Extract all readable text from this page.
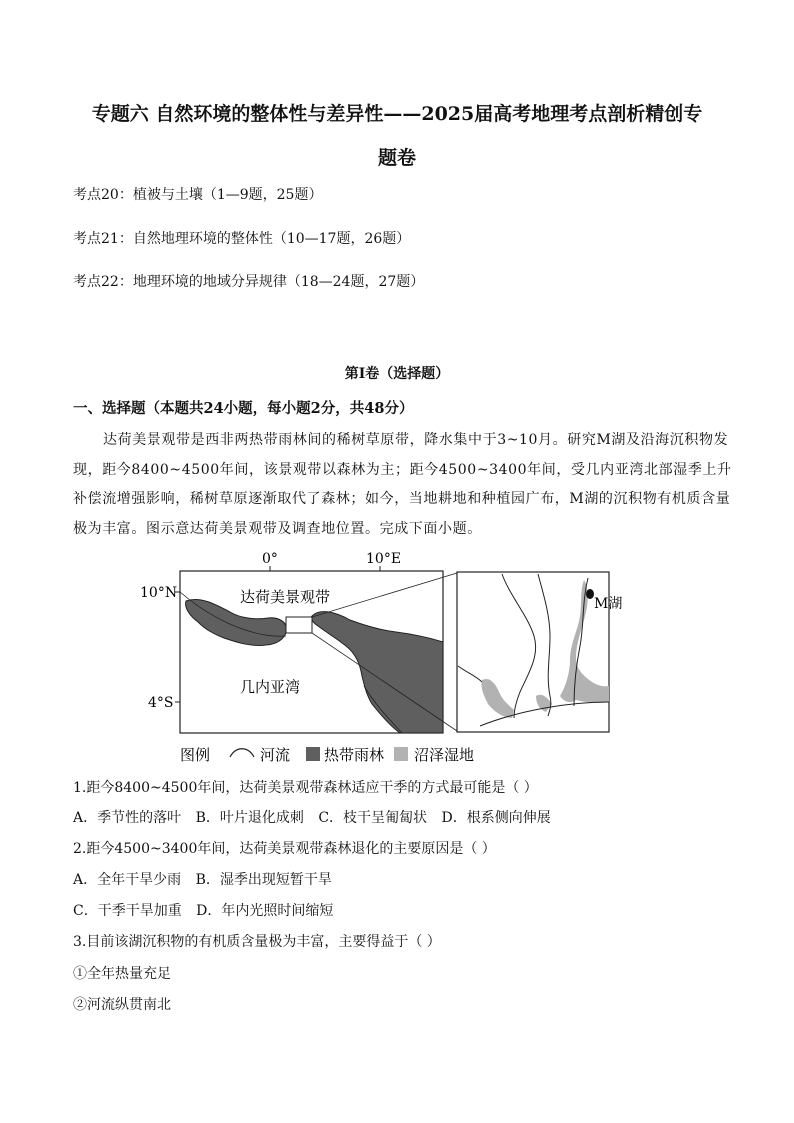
专题六 自然环境的整体性与差异性——2025届高考地理考点剖析精创专
题卷
考点20：植被与土壤（1—9题，25题）
考点21：自然地理环境的整体性（10—17题，26题）
考点22：地理环境的地域分异规律（18—24题，27题）
第I卷（选择题）
一、选择题（本题共24小题，每小题2分，共48分）
达荷美景观带是西非两热带雨林间的稀树草原带，降水集中于3~10月。研究M湖及沿海沉积物发现，距今8400~4500年间，该景观带以森林为主；距今4500~3400年间，受几内亚湾北部湿季上升补偿流增强影响，稀树草原逐渐取代了森林；如今，当地耕地和种植园广布，M湖的沉积物有机质含量极为丰富。图示意达荷美景观带及调查地位置。完成下面小题。
0°	10°E
10°N
4°S
达荷美景观带
几内亚湾
M湖
图例	河流 热带雨林 沼泽湿地
1.距今8400~4500年间，达荷美景观带森林适应干季的方式最可能是（ ）
A．季节性的落叶 B．叶片退化成刺 C．枝干呈匍匐状 D．根系侧向伸展
2.距今4500~3400年间，达荷美景观带森林退化的主要原因是（ ）
A．全年干旱少雨 B．湿季出现短暂干旱
C．干季干旱加重 D．年内光照时间缩短
3.目前该湖沉积物的有机质含量极为丰富，主要得益于（ ）
①全年热量充足
②河流纵贯南北
